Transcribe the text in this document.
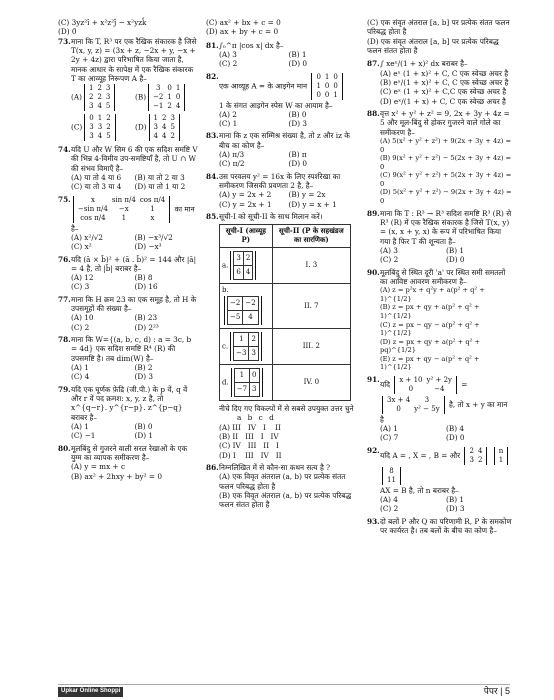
(C) 3yz²î + x²z²ĵ − x²yzk̂
(D) 0̄
73. माना कि T, R³ पर एक रैखिक संकारक है जिसे T(x, y, z) = (3x + z, −2x + y, −x + 2y + 4z) द्वारा परिभाषित किया जाता है, मानक आधार के सापेक्ष में एक रैखिक संकारक T का आव्यूह निरूपण A है–
(A)
1	2	3
2	2	3
3	4	5
(B)
3	0	1
−2	1	0
−1	2	4
(C)
0	1	2
3	3	2
3	4	5
(D)
1	2	3
3	4	5
4	4	2
74. यदि U और W सिम 6 की एक सदिश समष्टि V की भिन्न 4-विमीय उप-समष्टियाँ है, तो U ∩ W की संभव विमाएँ है–
(A) या तो 4 या 6	(B) या तो 2 या 3
(C) या तो 3 या 4	(D) या तो 1 या 2
75.	x	sin π/4	cos π/4
−sin π/4	−x	1
cos π/4	1	x
का मान है–
(A) x²/√2	(B) −x³/√2
(C) x²	(D) −x³
76. यदि (ā × b̄)² + (ā . b̄)² = 144 और |ā| = 4 है, तो |b̄| बराबर है–
(A) 12	(B) 8
(C) 3	(D) 16
77. माना कि H क्रम 23 का एक समूह है, तो H के उपसमूहों की संख्या है–
(A) 10	(B) 23
(C) 2	(D) 2²³
78. माना कि W={(a, b, c, d) : a = 3c, b = 4d} एक सदिश समष्टि R⁴ (R) की उपसमष्टि है। तब dim(W) है–
(A) 1	(B) 2
(C) 4	(D) 3
79. यदि एक घूर्णक फ़ेद्रि (जी.पी.) के p वें, q वें और r वें पद क्रमश: x, y, z है, तो x^{q−r}. y^{r−p}. z^{p−q} बराबर है–
(A) 1	(B) 0
(C) −1	(D) 1
80. मूलबिंदु से गुजरने वाली सरल रेखाओं के एक युग्म का व्यापक समीकरण है–
(A) y = mx + c
(B) ax² + 2hxy + by² = 0
(C) ax² + bx + c = 0
(D) ax + by + c = 0
81. ∫₀^π |cos x| dx है–
(A) 3	(B) 1
(C) 2	(D) 0
82.
एक आव्यूह A = के आइगेन मान
0	1	0
1	0	0
0	0	1
1 के संगत आइगेन स्पेस W का आयाम है–
(A) 2	(B) 0
(C) 1	(D) 3
83. माना कि z एक सम्मिश्र संख्या है, तो z और iz के बीच का कोण है–
(A) π/3	(B) π
(C) π/2	(D) 0
84. उस परवलय y² = 16x के लिए स्पर्शरेखा का समीकरण जिसकी प्रवणता 2 है, है–
(A) y = 2x + 2	(B) y = 2x
(C) y = 2x + 1	(D) y = x + 1
85. सूची-I को सूची-II के साथ मिलान करें।
सूची-I (आव्यूह P)	सूची-II (P के सहखंडज का सारणिक)
a.
3	2
6	4
	I. 3
b.
−2	−2
−5	4
	II. 7
c.
1	2
−3	3
	III. 2
d.
1	0
−7	3
	IV. 0
नीचे दिए गए विकल्पों में से सबसे उपयुक्त उत्तर चुने
a b c d
(A) III   IV   I    II
(B) II   III   I   IV
(C) IV   III   II   I
(D) I    III   IV   II
86. निम्नलिखित में से कौन-सा कथन सत्य है ?
(A) एक विवृत अंतराल (a, b) पर प्रत्येक संतत फलन परिबद्ध होता है
(B) एक विवृत अंतराल (a, b) पर प्रत्येक परिबद्ध फलन संतत होता है
(C) एक संवृत अंतराल [a, b] पर प्रत्येक संतत फलन परिबद्ध होता है
(D) एक संवृत अंतराल [a, b] पर प्रत्येक परिबद्ध फलन संतत होता है
87. ∫ xeˣ/(1 + x)² dx बराबर है–
(A) eˣ (1 + x)² + C, C एक स्वेच्छ अचर है
(B) eˣ/(1 + x)² + C, C एक स्वेच्छ अचर है
(C) eˣ (1 + x)² + C,C एक स्वेच्छ अचर है
(D) eˣ/(1 + x) + C, C एक स्वेच्छ अचर है
88. वृत्त x² + y² + z² = 9, 2x + 3y + 4z = 5 और मूल-बिंदु से होकर गुजरने वाले गोले का समीकरण है–
(A) 5(x² + y² + z²) + 9(2x + 3y + 4z) = 0
(B) 9(x² + y² + z²) − 5(2x + 3y + 4z) = 0
(C) 9(x² + y² + z²) + 5(2x + 3y + 4z) = 0
(D) 5(x² + y² + z²) − 9(2x + 3y + 4z) = 0
89. माना कि T : R³ → R³ सदिश समष्टि R³ (R) से R³ (R) में एक रैखिक संकारक है जिसे T(x, y) = (x, x + y, x) के रूप में परिभाषित किया गया है फिर T की शून्यता है–
(A) 3	(B) 1
(C) 2	(D) 0
90. मूलबिंदु से स्थित दूरी 'a' पर स्थित समी समतलों का आविष्ट आवरण समीकरण है–
(A) z = p²x + q²y + a(p² + q² + 1)^{1/2}
(B) z = px + qy + a(p² + q² + 1)^{1/2}
(C) z = px − qy − a(p² + q² + 1)^{1/2}
(D) z = px + qy + a(p² + q² + pq)^{1/2}
(E) z = px + qy − a(p² + q² + 1)^{1/2}
91.
यदि x + 10	y² + 2y
0	−4 =
3x + 4	3
0	y² − 5y है, तो x + y का मान है
(A) 1	(B) 4
(C) 7	(D) 0
92.
यदि A = , X = , B = और 2	4
3	2

n
1

8
11
AX = B है, तो n बराबर है–
(A) 4	(B) 1
(C) 2	(D) 3
93. दो बलों P और Q का परिणामी R, P के समकोण पर कार्यरत है। तब बलों के बीच का कोण है–
Upkar Online Shoppi	पेपर | 5
